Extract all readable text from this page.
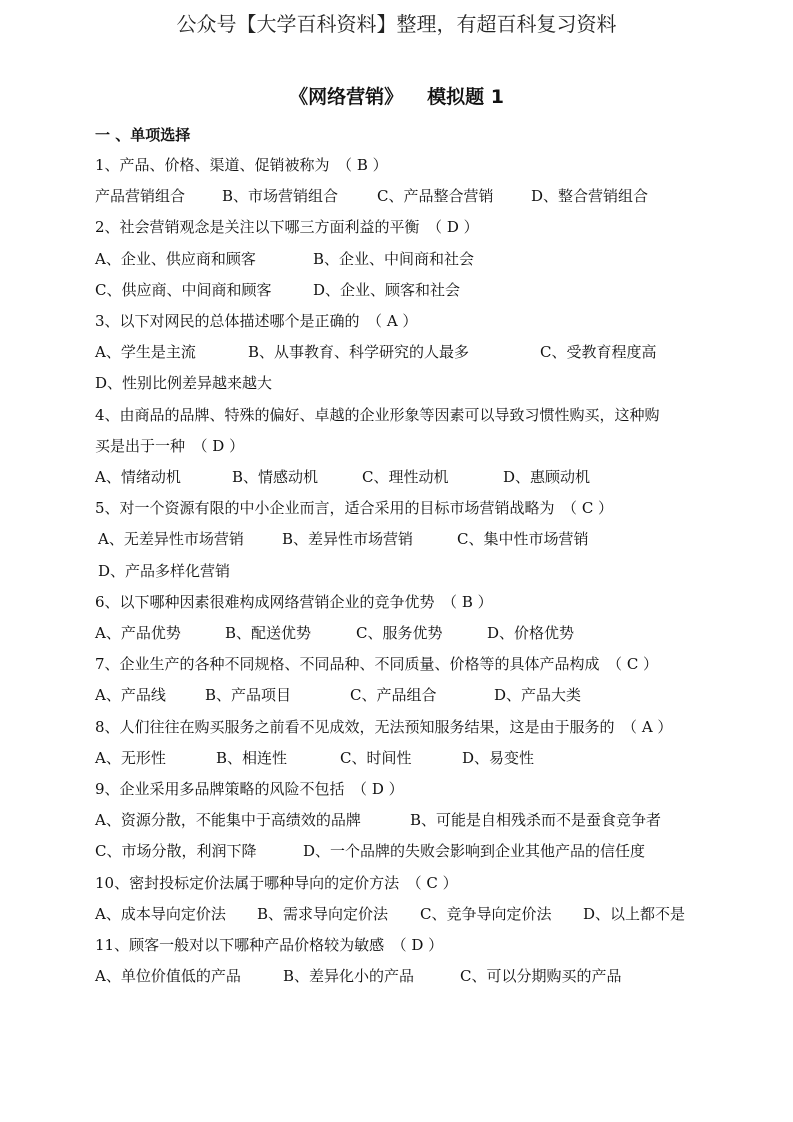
公众号【大学百科资料】整理，有超百科复习资料
《网络营销》 模拟题 1
一 、单项选择
1、产品、价格、渠道、促销被称为　（ B ）
产品营销组合 B、市场营销组合	C、产品整合营销	D、整合营销组合
2、社会营销观念是关注以下哪三方面利益的平衡　（ D ）
A、企业、供应商和顾客	B、企业、中间商和社会
C、供应商、中间商和顾客	D、企业、顾客和社会
3、以下对网民的总体描述哪个是正确的　（ A ）
A、学生是主流	B、从事教育、科学研究的人最多	C、受教育程度高
D、性别比例差异越来越大
4、由商品的品牌、特殊的偏好、卓越的企业形象等因素可以导致习惯性购买，这种购
买是出于一种　（ D ）
A、情绪动机	B、情感动机	C、理性动机	D、惠顾动机
5、对一个资源有限的中小企业而言，适合采用的目标市场营销战略为　（ C ）
A、无差异性市场营销	B、差异性市场营销	C、集中性市场营销
D、产品多样化营销
6、以下哪种因素很难构成网络营销企业的竞争优势　（ B ）
A、产品优势	B、配送优势	C、服务优势	D、价格优势
7、企业生产的各种不同规格、不同品种、不同质量、价格等的具体产品构成　（ C ）
A、产品线	B、产品项目	C、产品组合	D、产品大类
8、人们往往在购买服务之前看不见成效，无法预知服务结果，这是由于服务的　（ A ）
A、无形性	B、相连性	C、时间性	D、易变性
9、企业采用多品牌策略的风险不包括　（ D ）
A、资源分散，不能集中于高绩效的品牌	B、可能是自相残杀而不是蚕食竞争者
C、市场分散，利润下降	D、一个品牌的失败会影响到企业其他产品的信任度
10、密封投标定价法属于哪种导向的定价方法　（ C ）
A、成本导向定价法 B、需求导向定价法 C、竞争导向定价法 D、以上都不是
11、顾客一般对以下哪种产品价格较为敏感　（ D ）
A、单位价值低的产品	B、差异化小的产品	C、可以分期购买的产品
